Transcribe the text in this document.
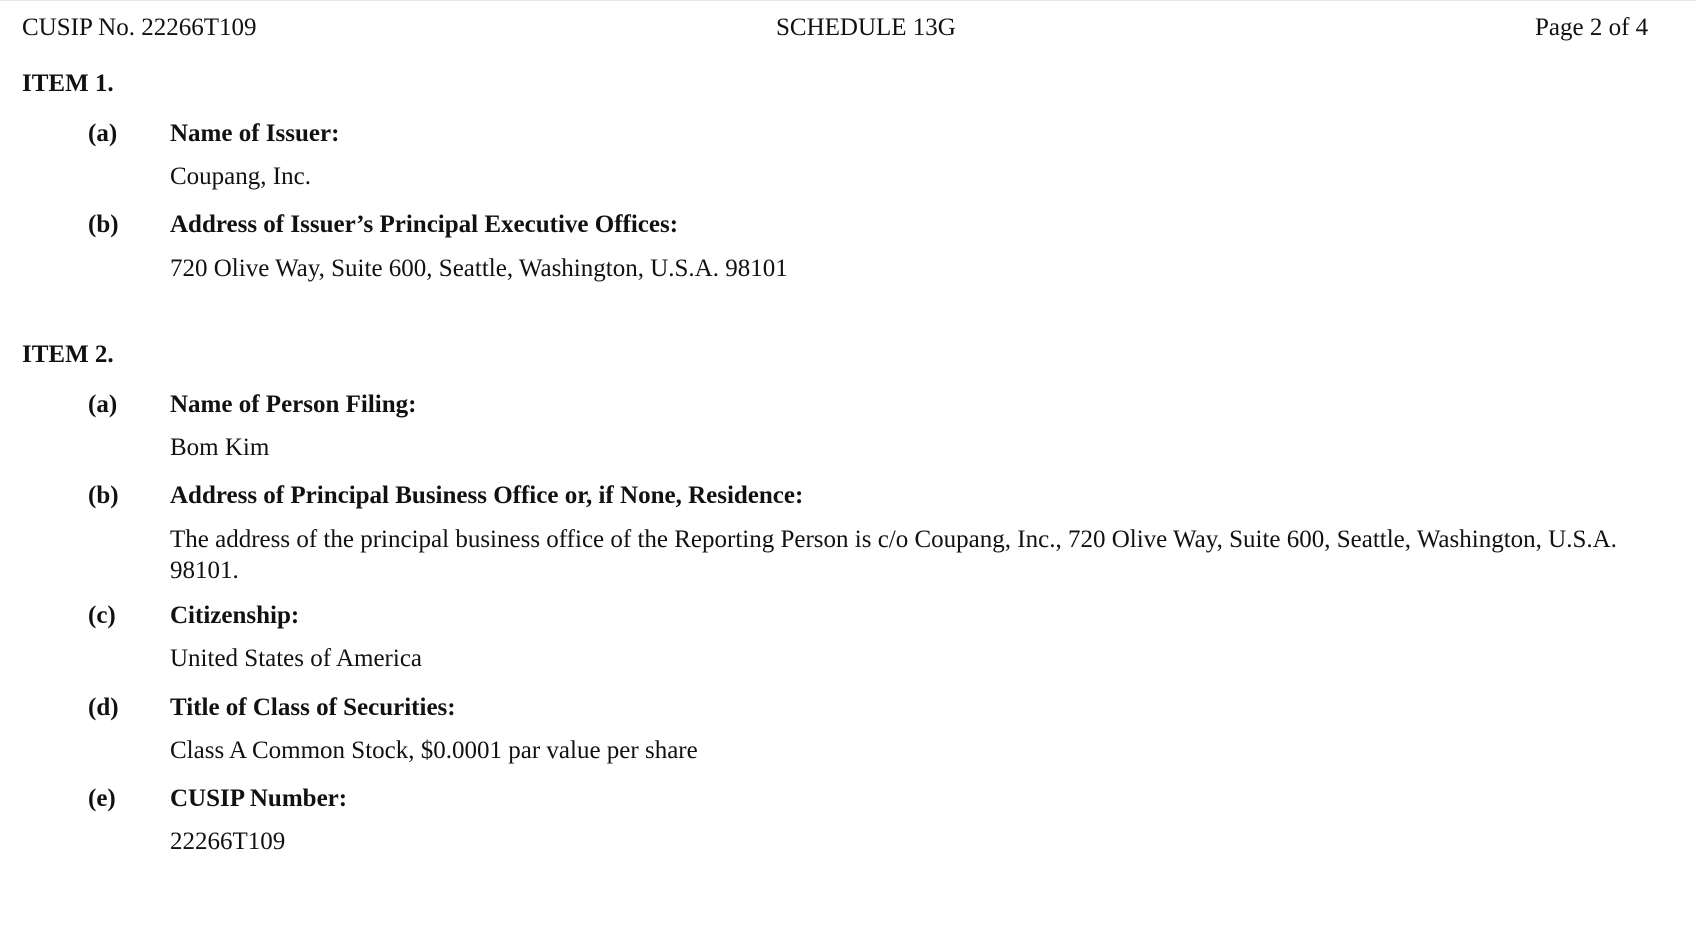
CUSIP No. 22266T109	SCHEDULE 13G	Page 2 of 4
ITEM 1.
(a) Name of Issuer:
Coupang, Inc.
(b) Address of Issuer’s Principal Executive Offices:
720 Olive Way, Suite 600, Seattle, Washington, U.S.A. 98101
ITEM 2.
(a) Name of Person Filing:
Bom Kim
(b) Address of Principal Business Office or, if None, Residence:
The address of the principal business office of the Reporting Person is c/o Coupang, Inc., 720 Olive Way, Suite 600, Seattle, Washington, U.S.A. 98101.
(c) Citizenship:
United States of America
(d) Title of Class of Securities:
Class A Common Stock, $0.0001 par value per share
(e) CUSIP Number:
22266T109
